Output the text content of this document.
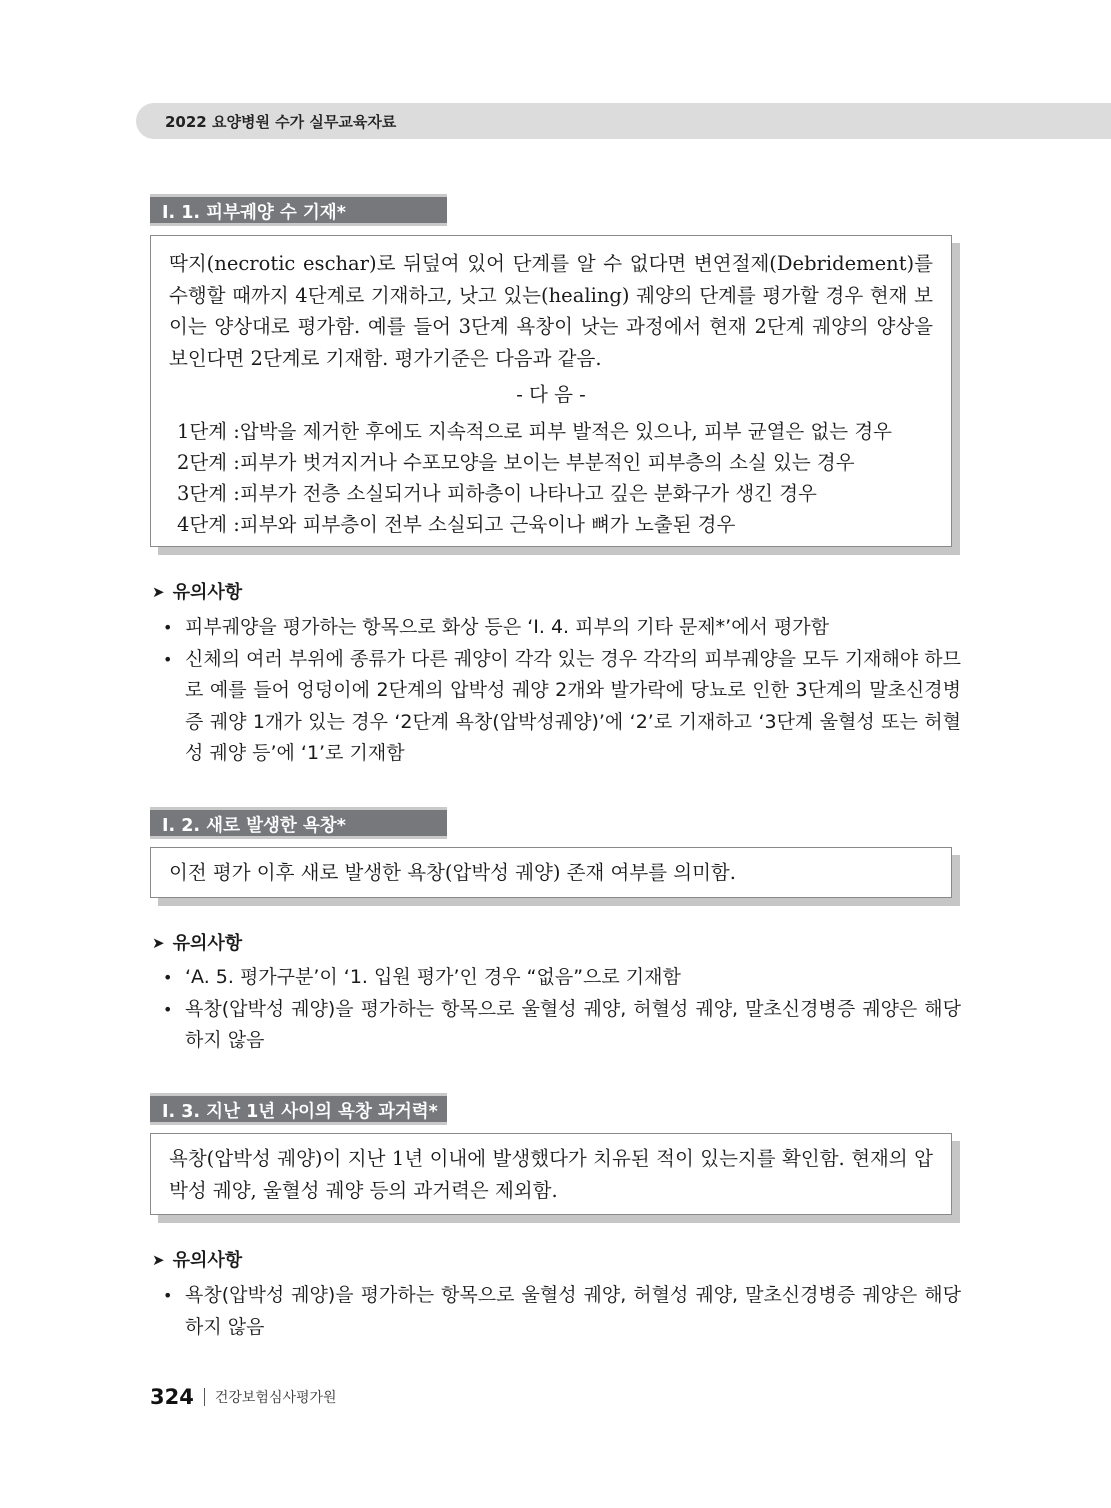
2022 요양병원 수가 실무교육자료
I. 1. 피부궤양 수 기재*
딱지(necrotic eschar)로 뒤덮여 있어 단계를 알 수 없다면 변연절제(Debridement)를 수행할 때까지 4단계로 기재하고, 낫고 있는(healing) 궤양의 단계를 평가할 경우 현재 보이는 양상대로 평가함. 예를 들어 3단계 욕창이 낫는 과정에서 현재 2단계 궤양의 양상을 보인다면 2단계로 기재함. 평가기준은 다음과 같음.
- 다 음 -
1단계 : 압박을 제거한 후에도 지속적으로 피부 발적은 있으나, 피부 균열은 없는 경우
2단계 : 피부가 벗겨지거나 수포모양을 보이는 부분적인 피부층의 소실 있는 경우
3단계 : 피부가 전층 소실되거나 피하층이 나타나고 깊은 분화구가 생긴 경우
4단계 : 피부와 피부층이 전부 소실되고 근육이나 뼈가 노출된 경우
➤ 유의사항
• 피부궤양을 평가하는 항목으로 화상 등은 ‘I. 4. 피부의 기타 문제*’에서 평가함
• 신체의 여러 부위에 종류가 다른 궤양이 각각 있는 경우 각각의 피부궤양을 모두 기재해야 하므로 예를 들어 엉덩이에 2단계의 압박성 궤양 2개와 발가락에 당뇨로 인한 3단계의 말초신경병증 궤양 1개가 있는 경우 ‘2단계 욕창(압박성궤양)’에 ‘2’로 기재하고 ‘3단계 울혈성 또는 허혈성 궤양 등’에 ‘1’로 기재함
I. 2. 새로 발생한 욕창*
이전 평가 이후 새로 발생한 욕창(압박성 궤양) 존재 여부를 의미함.
➤ 유의사항
• ‘A. 5. 평가구분’이 ‘1. 입원 평가’인 경우 “없음”으로 기재함
• 욕창(압박성 궤양)을 평가하는 항목으로 울혈성 궤양, 허혈성 궤양, 말초신경병증 궤양은 해당하지 않음
I. 3. 지난 1년 사이의 욕창 과거력*
욕창(압박성 궤양)이 지난 1년 이내에 발생했다가 치유된 적이 있는지를 확인함. 현재의 압박성 궤양, 울혈성 궤양 등의 과거력은 제외함.
➤ 유의사항
• 욕창(압박성 궤양)을 평가하는 항목으로 울혈성 궤양, 허혈성 궤양, 말초신경병증 궤양은 해당하지 않음
324 건강보험심사평가원
